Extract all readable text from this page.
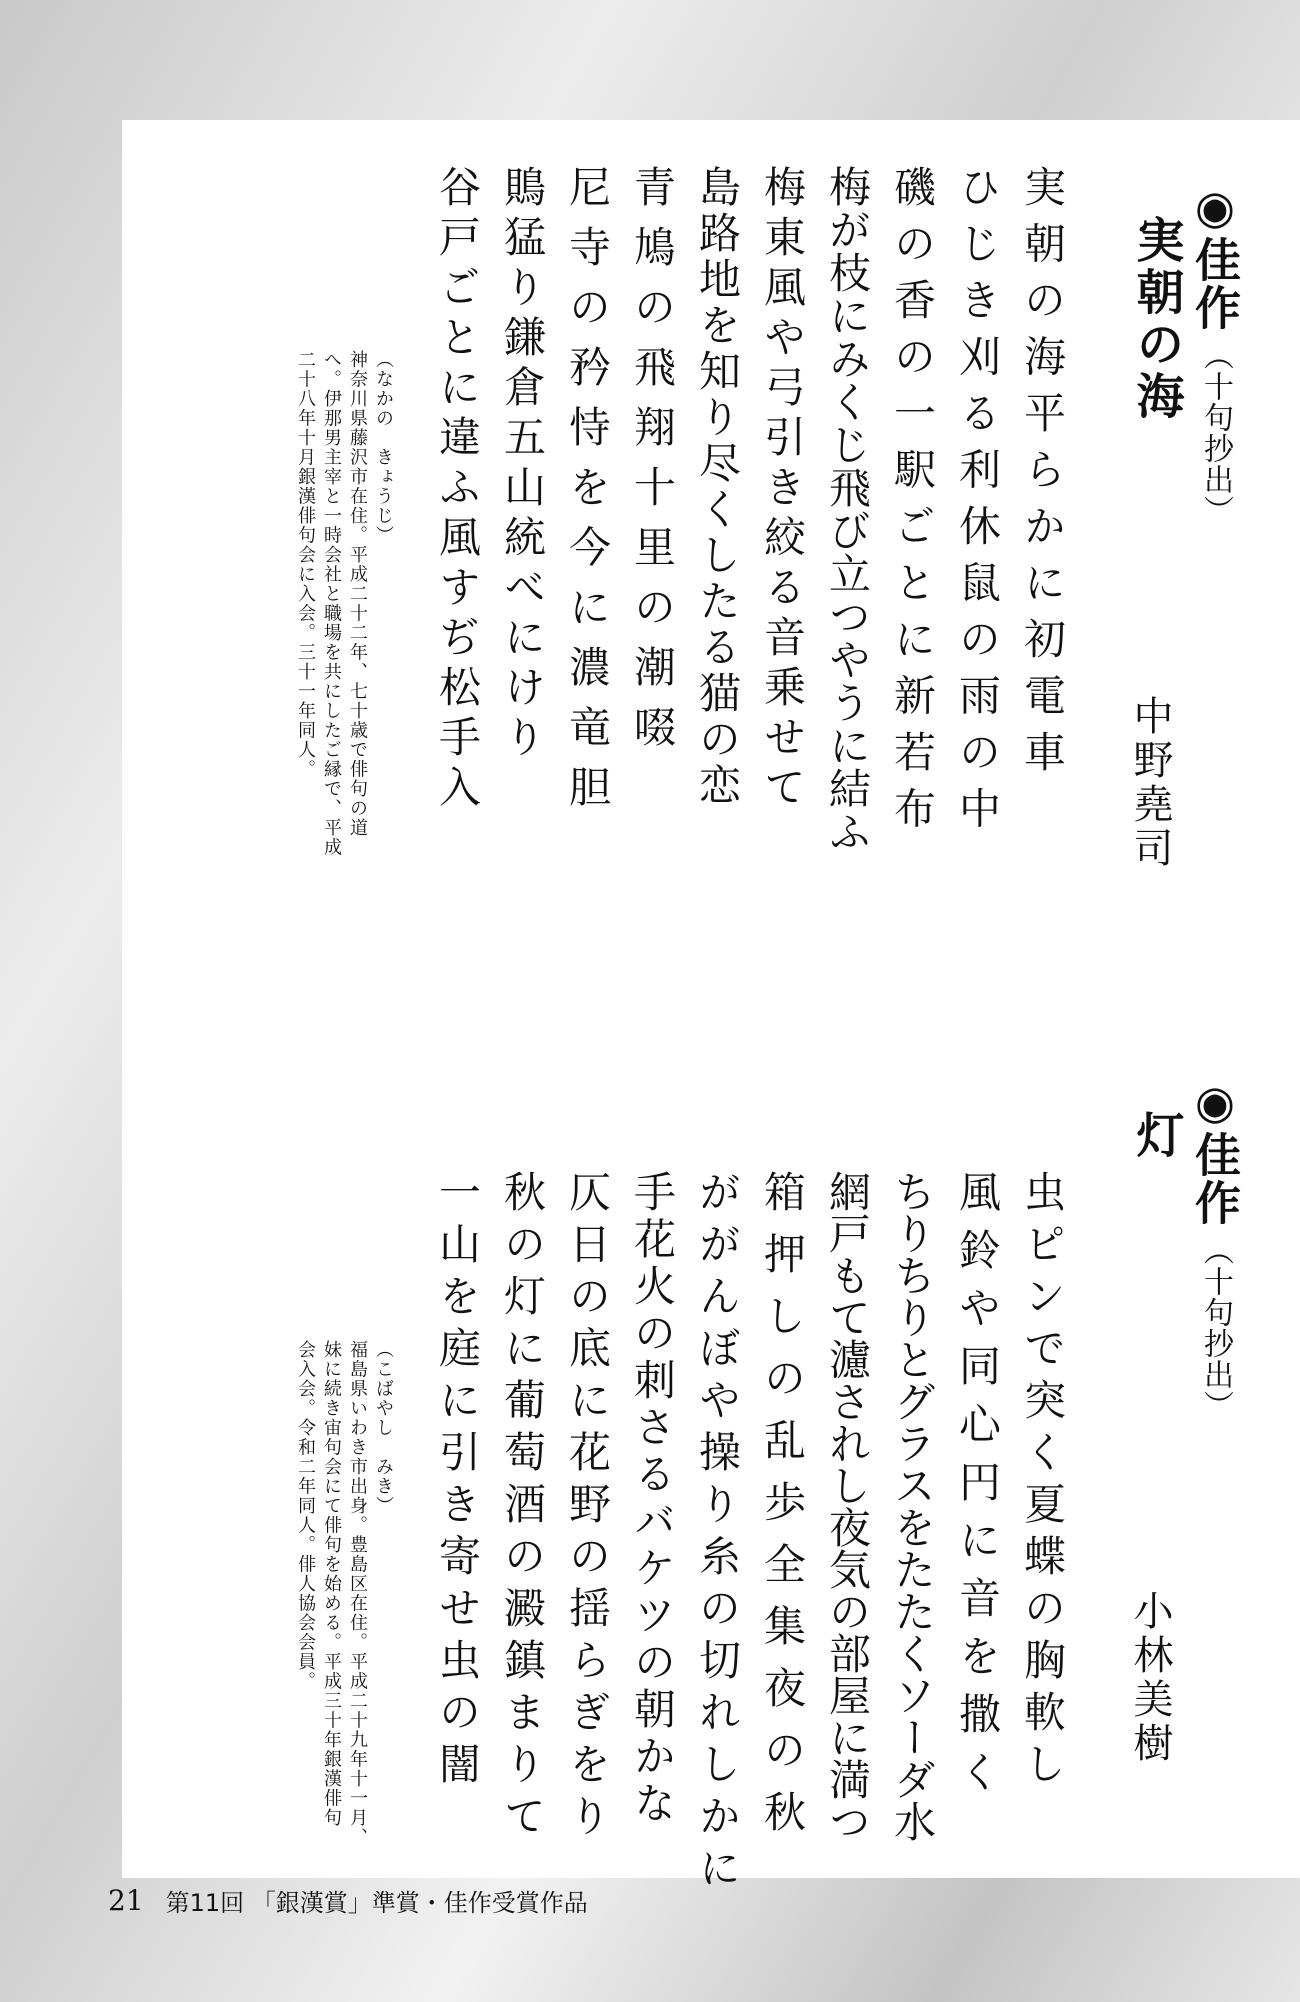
◉佳作（十句抄出）
実朝の海
中野堯司
実朝の海平らかに初電車
ひじき刈る利休鼠の雨の中
磯の香の一駅ごとに新若布
梅が枝にみくじ飛び立つやうに結ふ
梅東風や弓引き絞る音乗せて
島路地を知り尽くしたる猫の恋
青鳩の飛翔十里の潮啜
尼寺の矜恃を今に濃竜胆
鵙猛り鎌倉五山統べにけり
谷戸ごとに違ふ風すぢ松手入
（なかの　きょうじ）
神奈川県藤沢市在住。平成二十二年、七十歳で俳句の道
へ。伊那男主宰と一時会社と職場を共にしたご縁で、平成
二十八年十月銀漢俳句会に入会。三十一年同人。
◉佳作（十句抄出）
灯
小林美樹
虫ピンで突く夏蝶の胸軟し
風鈴や同心円に音を撒く
ちりちりとグラスをたたくソーダ水
網戸もて濾されし夜気の部屋に満つ
箱押しの乱歩全集夜の秋
ががんぼや操り糸の切れしかに
手花火の刺さるバケツの朝かな
仄日の底に花野の揺らぎをり
秋の灯に葡萄酒の澱鎮まりて
一山を庭に引き寄せ虫の闇
（こばやし　みき）
福島県いわき市出身。豊島区在住。平成二十九年十一月、
妹に続き宙句会にて俳句を始める。平成三十年銀漢俳句
会入会。令和二年同人。俳人協会会員。
21 第11回 「銀漢賞」準賞・佳作受賞作品
